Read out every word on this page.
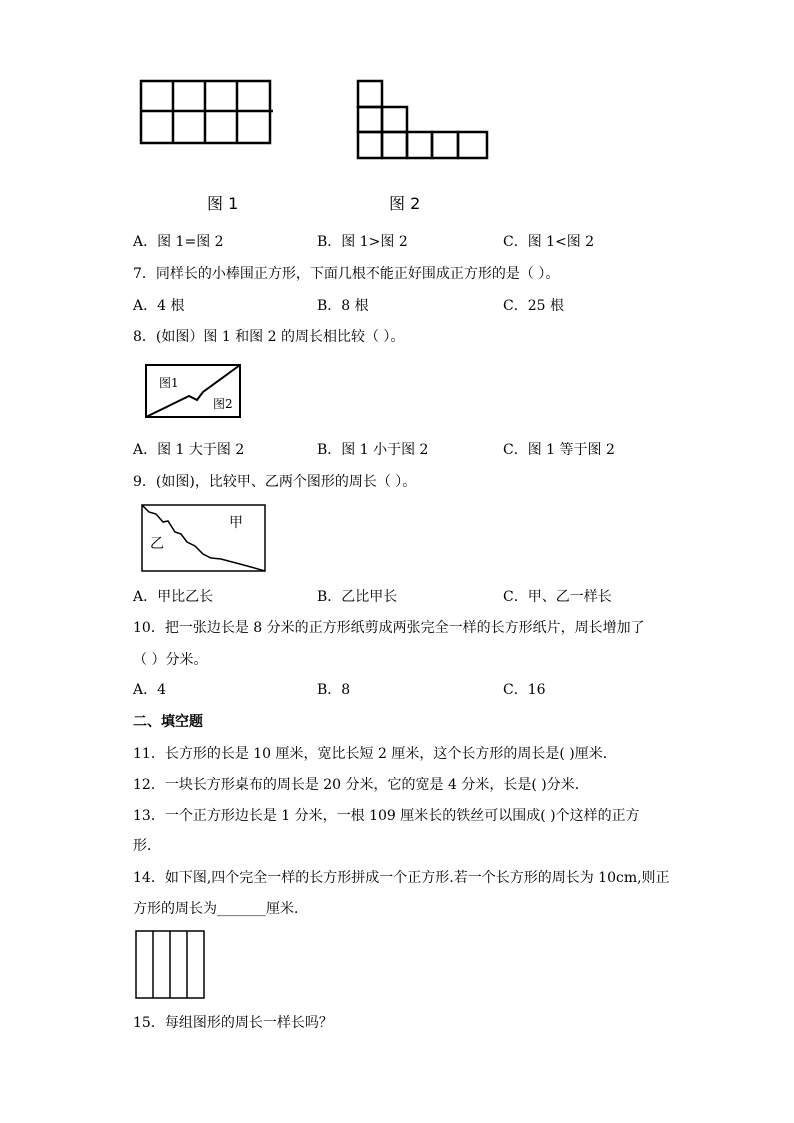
图 1	图 2
A．图 1=图 2	B．图 1>图 2	C．图 1<图 2
7．同样长的小棒围正方形，下面几根不能正好围成正方形的是（ ）。
A．4 根	B．8 根	C．25 根
8．(如图）图 1 和图 2 的周长相比较（ ）。
图1
图2
A．图 1 大于图 2	B．图 1 小于图 2	C．图 1 等于图 2
9．(如图)，比较甲、乙两个图形的周长（ ）。
甲
乙
A．甲比乙长	B．乙比甲长	C．甲、乙一样长
10．把一张边长是 8 分米的正方形纸剪成两张完全一样的长方形纸片，周长增加了
（ ）分米。
A．4	B．8	C．16
二、填空题
11．长方形的长是 10 厘米，宽比长短 2 厘米，这个长方形的周长是( )厘米．
12．一块长方形桌布的周长是 20 分米，它的宽是 4 分米，长是( )分米．
13．一个正方形边长是 1 分米，一根 109 厘米长的铁丝可以围成( )个这样的正方
形．
14．如下图,四个完全一样的长方形拼成一个正方形.若一个长方形的周长为 10cm,则正
方形的周长为_______厘米．
15．每组图形的周长一样长吗？
